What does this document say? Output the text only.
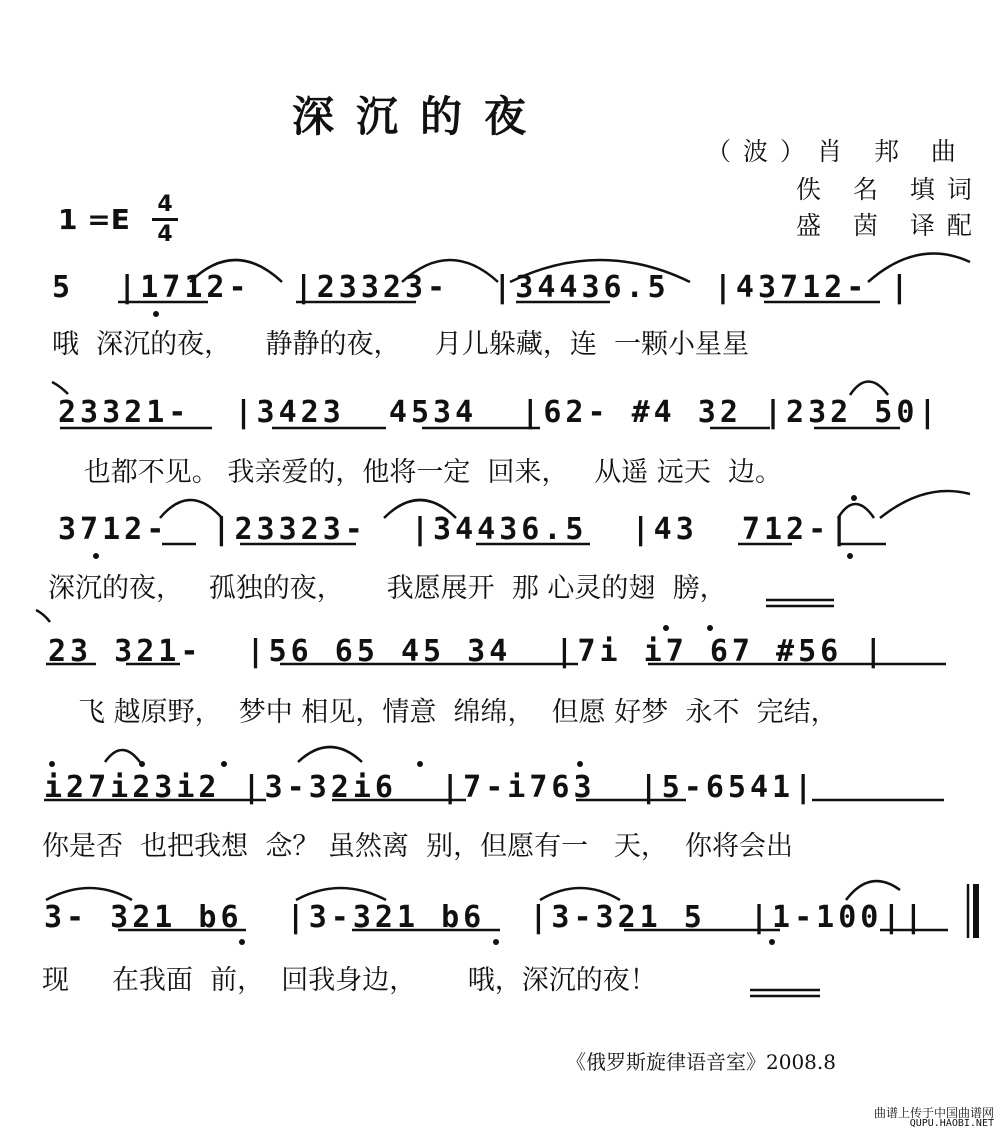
深沉的夜
（波）肖 邦 曲
佚 名 填词
盛 茵 译配
1 =E	4
4
5  |1712-  |23323-  |34436.5  |43712- |
哦  深沉的夜，    静静的夜，    月儿躲藏，连  一颗小星星
23321-  |3423  4534  |62- #4 32 |232 50|
也都不见。 我亲爱的，他将一定  回来，   从遥 远天  边。
3712-  |23323-  |34436.5  |43  712-|
深沉的夜，   孤独的夜，     我愿展开  那 心灵的翅  膀，
23 321-  |56 65 45 34  |7i i7 67 #56 |
飞 越原野，  梦中 相见，情意  绵绵，  但愿 好梦  永不  完结，
i27i23i2 |3-32i6  |7-i763  |5-6541|
你是否  也把我想  念？ 虽然离  别，但愿有一   天，  你将会出
3- 321 b6  |3-321 b6  |3-321 5  |1-100||
现     在我面  前，  回我身边，      哦，深沉的夜！
《俄罗斯旋律语音室》2008.8
曲谱上传于中国曲谱网
QUPU.HAOBI.NET
